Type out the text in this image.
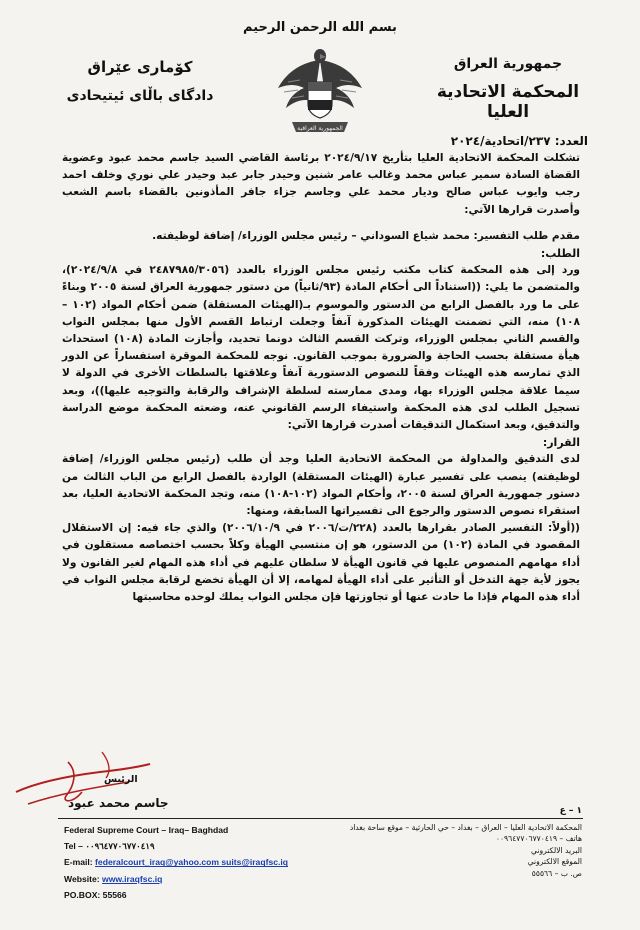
بسم الله الرحمن الرحيم
جمهورية العراق
المحكمة الاتحادية العليا
العدد: ٢٣٧/اتحادية/٢٠٢٤
کۆماری عێراق
دادگای باڵای ئیتیحادی
الجمهورية العراقية

تشكلت المحكمة الاتحادية العليا بتأريخ ٢٠٢٤/٩/١٧ برئاسة القاضي السيد جاسم محمد عبود وعضوية القضاة السادة سمير عباس محمد وغالب عامر شنين وحيدر جابر عبد وحيدر علي نوري وخلف احمد رجب وايوب عباس صالح وديار محمد علي وجاسم جزاء جافر المأذونين بالقضاء باسم الشعب وأصدرت قرارها الآتي:

مقدم طلب التفسير: محمد شياع السوداني – رئيس مجلس الوزراء/ إضافة لوظيفته.

الطلب:

ورد إلى هذه المحكمة كتاب مكتب رئيس مجلس الوزراء بالعدد (٢٤٨٧٩٨٥/٣٠٥٦ في ٢٠٢٤/٩/٨)، والمتضمن ما يلي: ((استناداً الى أحكام المادة (٩٣/ثانياً) من دستور جمهورية العراق لسنة ٢٠٠٥ وبناءً على ما ورد بالفصل الرابع من الدستور والموسوم بـ(الهيئات المستقلة) ضمن أحكام المواد (١٠٢ – ١٠٨) منه، التي تضمنت الهيئات المذكورة آنفاً وجعلت ارتباط القسم الأول منها بمجلس النواب والقسم الثاني بمجلس الوزراء، وتركت القسم الثالث دونما تحديد، وأجازت المادة (١٠٨) استحداث هيأة مستقلة بحسب الحاجة والضرورة بموجب القانون. نوجه للمحكمة الموقرة استفساراً عن الدور الذي تمارسه هذه الهيئات وفقاً للنصوص الدستورية آنفاً وعلاقتها بالسلطات الأخرى في الدولة لا سيما علاقة مجلس الوزراء بها، ومدى ممارسته لسلطة الإشراف والرقابة والتوجيه عليها))، وبعد تسجيل الطلب لدى هذه المحكمة واستيفاء الرسم القانوني عنه، وضعته المحكمة موضع الدراسة والتدقيق، وبعد استكمال التدقيقات أصدرت قرارها الآتي:

القرار:

لدى التدقيق والمداولة من المحكمة الاتحادية العليا وجد أن طلب (رئيس مجلس الوزراء/ إضافة لوظيفته) ينصب على تفسير عبارة (الهيئات المستقلة) الواردة بالفصل الرابع من الباب الثالث من دستور جمهورية العراق لسنة ٢٠٠٥، وأحكام المواد (١٠٢-١٠٨) منه، وتجد المحكمة الاتحادية العليا، بعد استقراء نصوص الدستور والرجوع الى تفسيراتها السابقة، ومنها:

((أولاً: التفسير الصادر بقرارها بالعدد (٢٢٨/ت/٢٠٠٦ في ٢٠٠٦/١٠/٩) والذي جاء فيه: إن الاستقلال المقصود في المادة (١٠٢) من الدستور، هو إن منتسبي الهيأة وكلاً بحسب اختصاصه مستقلون في أداء مهامهم المنصوص عليها في قانون الهيأة لا سلطان عليهم في أداء هذه المهام لغير القانون ولا يجوز لأية جهة التدخل أو التأثير على أداء الهيأة لمهامه، إلا أن الهيأة تخضع لرقابة مجلس النواب في أداء هذه المهام فإذا ما حادت عنها أو تجاوزتها فإن مجلس النواب يملك لوحده محاسبتها

الرئيس
جاسم محمد عبود
١ – ع
Federal Supreme Court – Iraq– Baghdad
Tel – ٠٠٩٦٤٧٧٠٦٧٧٠٤١٩
E-mail: federalcourt_iraq@yahoo.com suits@iraqfsc.iq
Website: www.iraqfsc.iq
PO.BOX: 55566
المحكمة الاتحادية العليا – العراق – بغداد – حي الحارثية – موقع ساحة بغداد
هاتف – ٠٠٩٦٤٧٧٠٦٧٧٠٤١٩
البريد الالكتروني
الموقع الالكتروني
ص. ب – ٥٥٥٦٦
